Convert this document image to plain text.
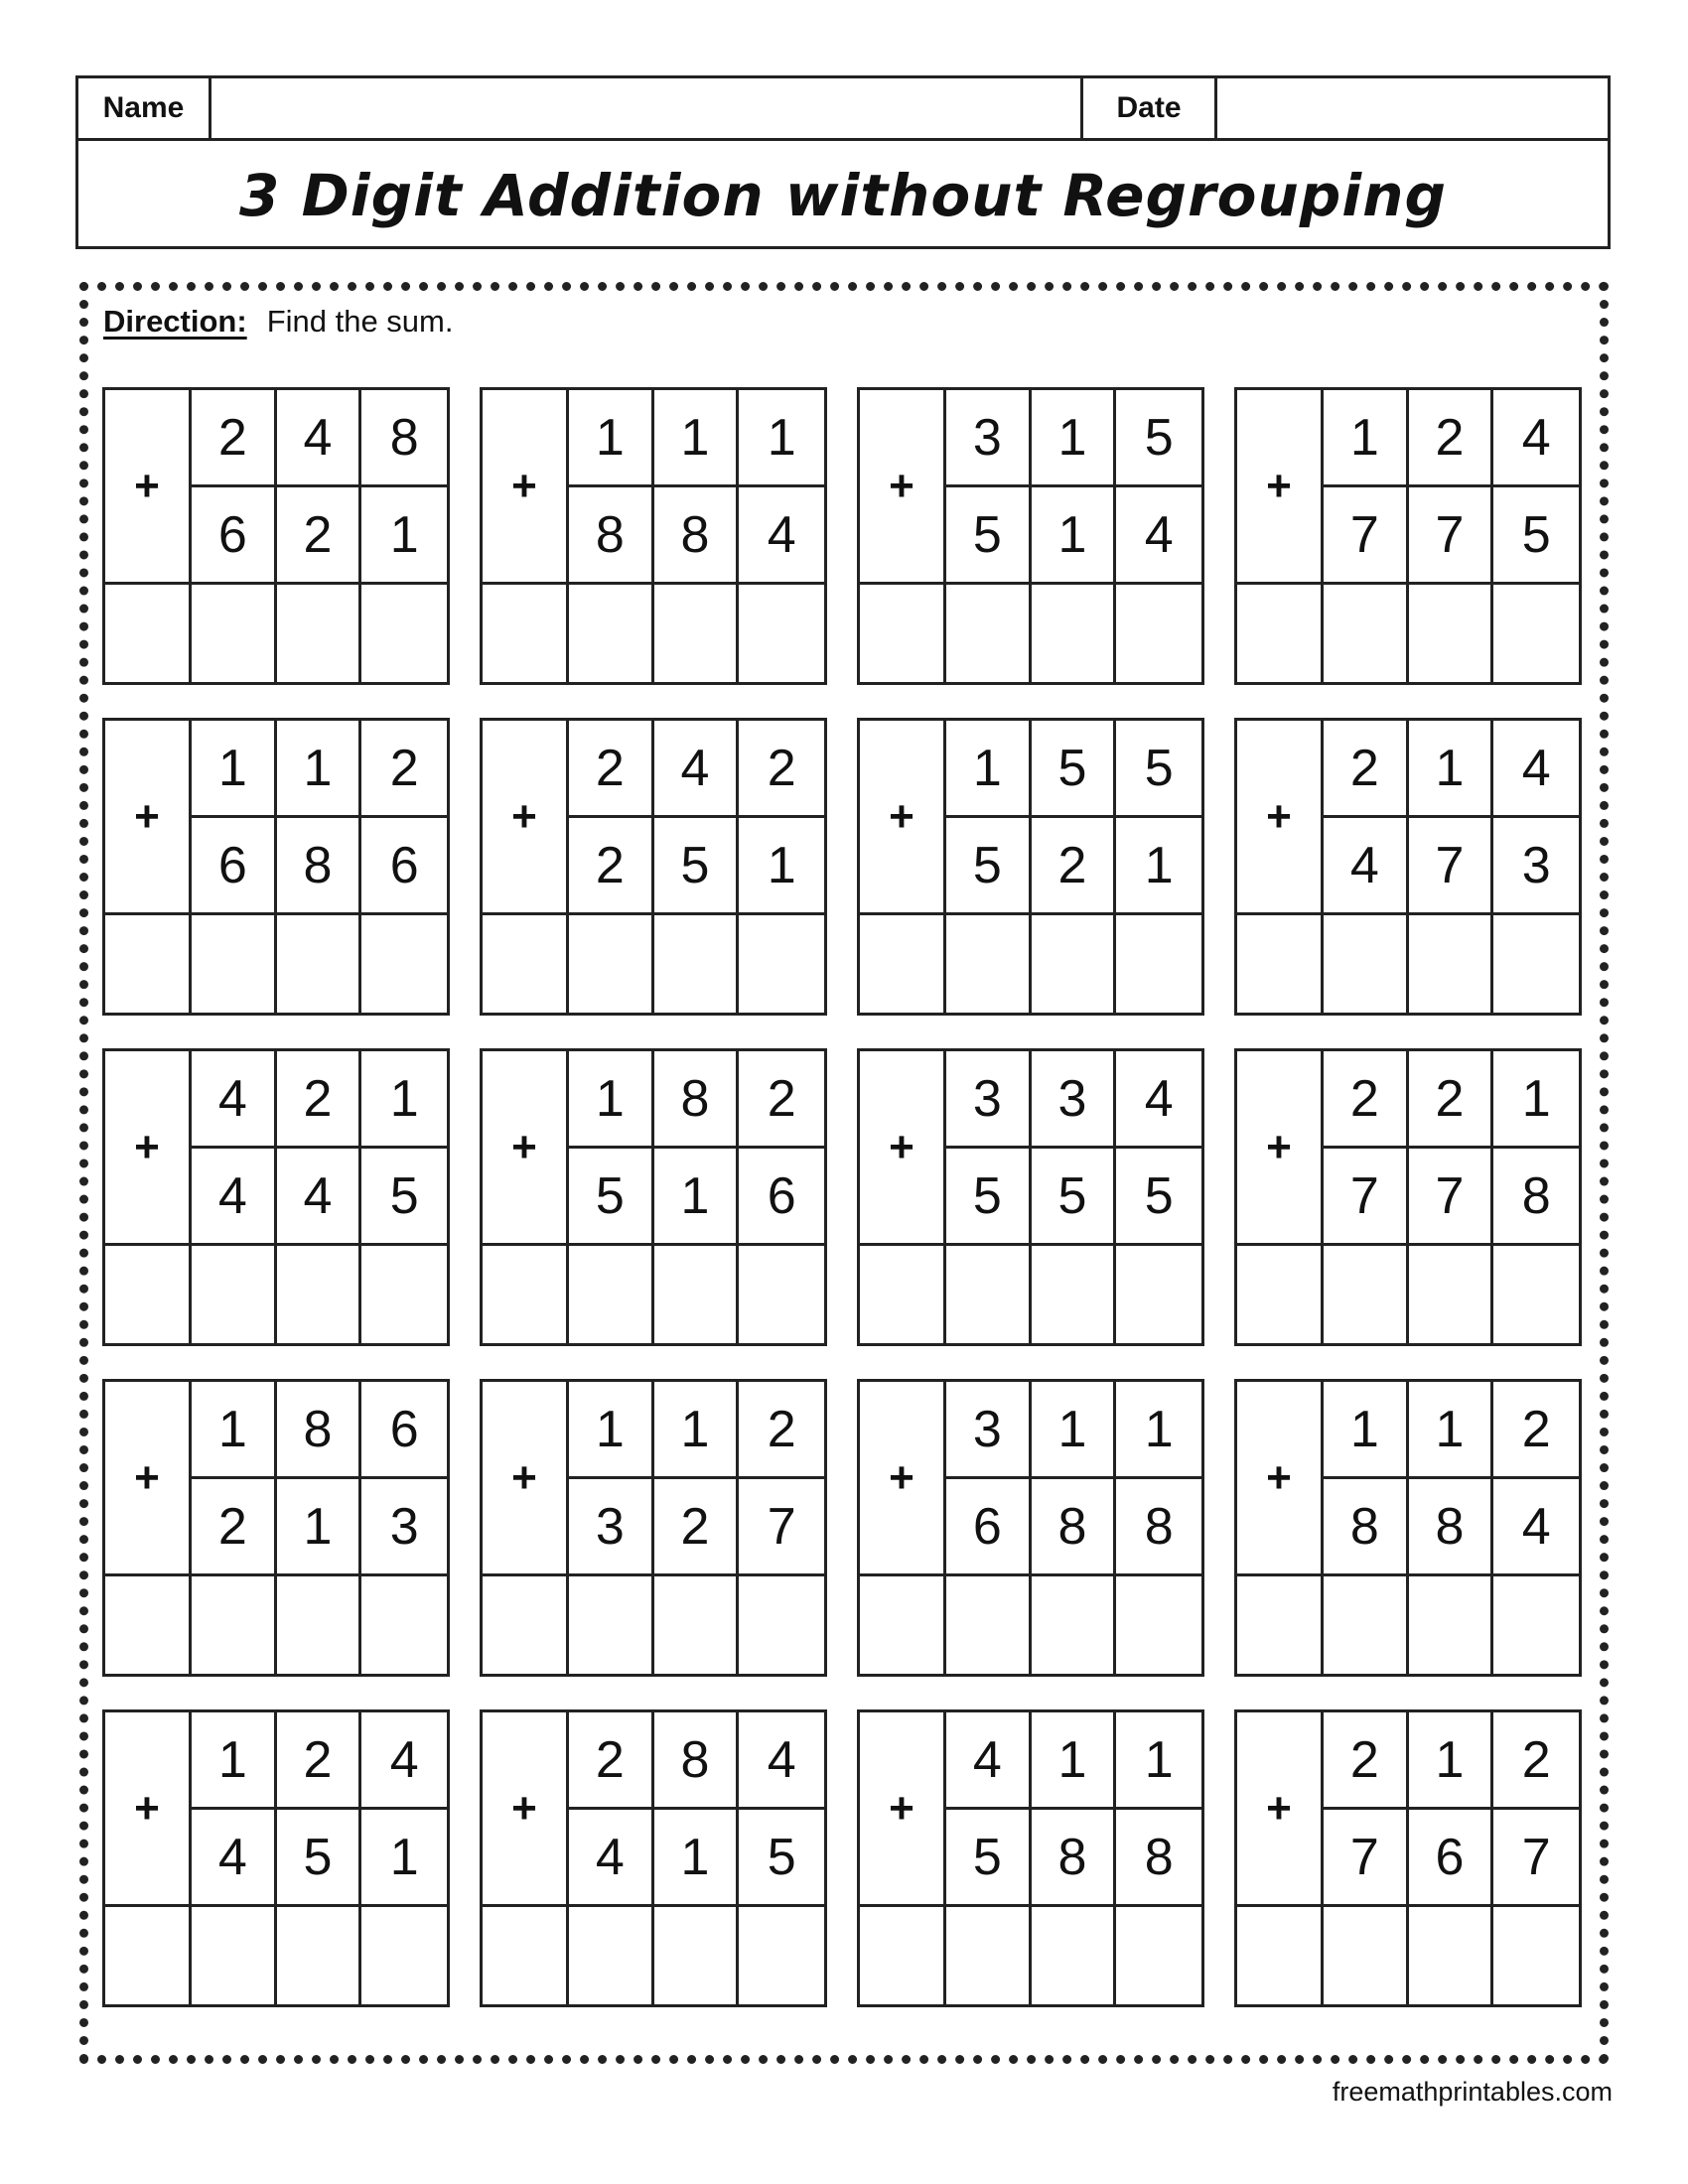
Name	Date
3 Digit Addition without Regrouping
Direction: Find the sum.
+
2	4	8
6	2	1
+
1	1	1
8	8	4
+
3	1	5
5	1	4
+
1	2	4
7	7	5
+
1	1	2
6	8	6
+
2	4	2
2	5	1
+
1	5	5
5	2	1
+
2	1	4
4	7	3
+
4	2	1
4	4	5
+
1	8	2
5	1	6
+
3	3	4
5	5	5
+
2	2	1
7	7	8
+
1	8	6
2	1	3
+
1	1	2
3	2	7
+
3	1	1
6	8	8
+
1	1	2
8	8	4
+
1	2	4
4	5	1
+
2	8	4
4	1	5
+
4	1	1
5	8	8
+
2	1	2
7	6	7
freemathprintables.com
